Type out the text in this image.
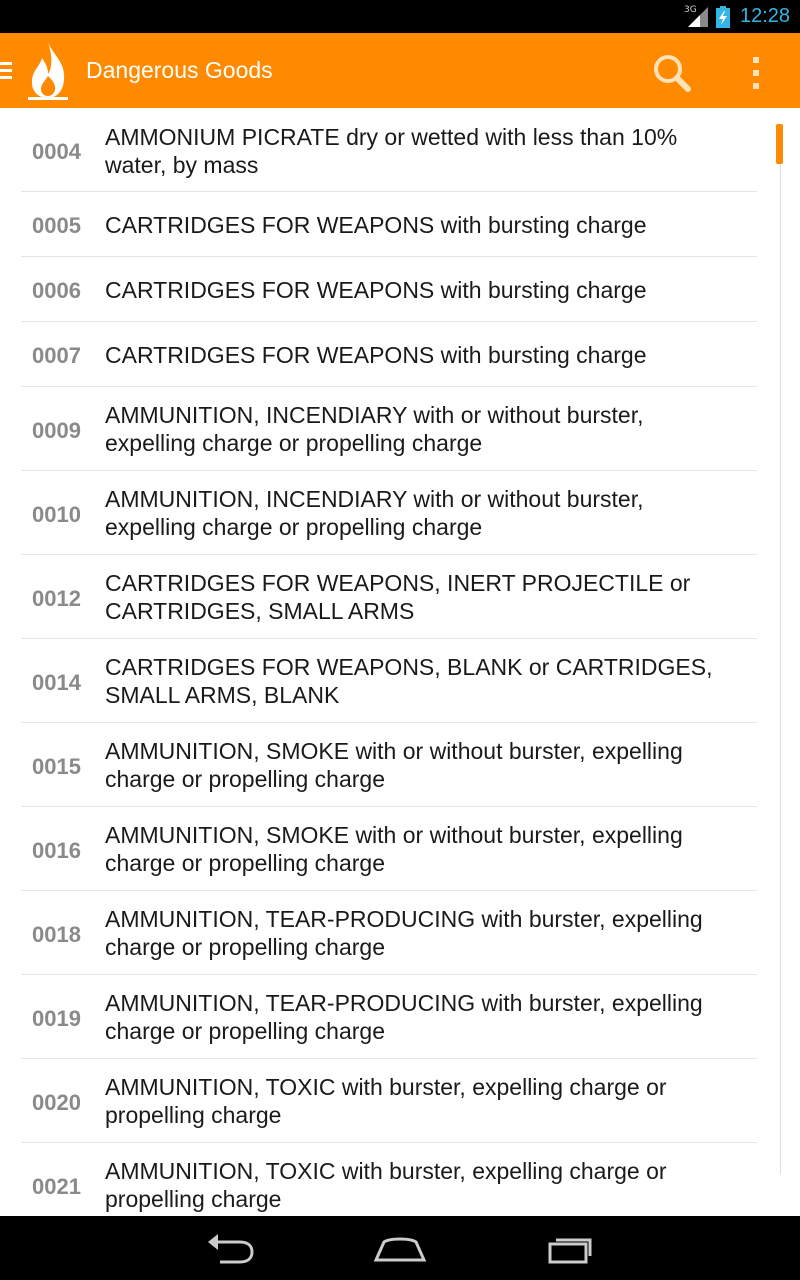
3G 12:28
Dangerous Goods
0004
AMMONIUM PICRATE dry or wetted with less than 10%
water, by mass
0005 CARTRIDGES FOR WEAPONS with bursting charge
0006 CARTRIDGES FOR WEAPONS with bursting charge
0007 CARTRIDGES FOR WEAPONS with bursting charge
0009
AMMUNITION, INCENDIARY with or without burster,
expelling charge or propelling charge
0010
AMMUNITION, INCENDIARY with or without burster,
expelling charge or propelling charge
0012
CARTRIDGES FOR WEAPONS, INERT PROJECTILE or
CARTRIDGES, SMALL ARMS
0014
CARTRIDGES FOR WEAPONS, BLANK or CARTRIDGES,
SMALL ARMS, BLANK
0015
AMMUNITION, SMOKE with or without burster, expelling
charge or propelling charge
0016
AMMUNITION, SMOKE with or without burster, expelling
charge or propelling charge
0018
AMMUNITION, TEAR-PRODUCING with burster, expelling
charge or propelling charge
0019
AMMUNITION, TEAR-PRODUCING with burster, expelling
charge or propelling charge
0020
AMMUNITION, TOXIC with burster, expelling charge or
propelling charge
0021
AMMUNITION, TOXIC with burster, expelling charge or
propelling charge
